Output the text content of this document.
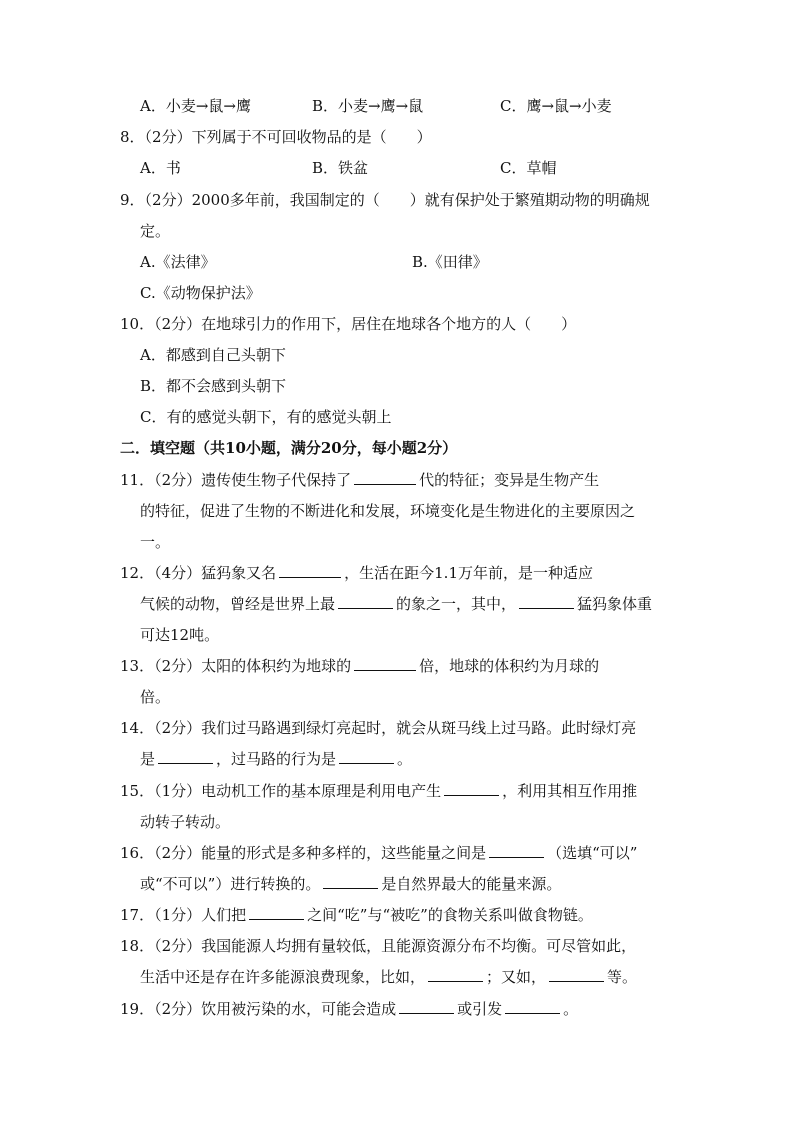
A．小麦→鼠→鹰	B．小麦→鹰→鼠	C．鹰→鼠→小麦
8．（2分）下列属于不可回收物品的是（　　）
A．书	B．铁盆	C．草帽
9．（2分）2000多年前，我国制定的（　　）就有保护处于繁殖期动物的明确规
定。
A.《法律》	B.《田律》
C.《动物保护法》
10．（2分）在地球引力的作用下，居住在地球各个地方的人（　　）
A．都感到自己头朝下
B．都不会感到头朝下
C．有的感觉头朝下，有的感觉头朝上
二．填空题（共10小题，满分20分，每小题2分）
11．（2分）遗传使生物子代保持了	代的特征；变异是生物产生
的特征，促进了生物的不断进化和发展，环境变化是生物进化的主要原因之
一。
12．（4分）猛犸象又名	，生活在距今1.1万年前，是一种适应
气候的动物，曾经是世界上最	的象之一，其中，	猛犸象体重
可达12吨。
13．（2分）太阳的体积约为地球的	倍，地球的体积约为月球的
倍。
14．（2分）我们过马路遇到绿灯亮起时，就会从斑马线上过马路。此时绿灯亮
是	，过马路的行为是	。
15．（1分）电动机工作的基本原理是利用电产生	，利用其相互作用推
动转子转动。
16．（2分）能量的形式是多种多样的，这些能量之间是	（选填“可以”
或“不可以”）进行转换的。	是自然界最大的能量来源。
17．（1分）人们把	之间“吃”与“被吃”的食物关系叫做食物链。
18．（2分）我国能源人均拥有量较低，且能源资源分布不均衡。可尽管如此，
生活中还是存在许多能源浪费现象，比如，	；又如，	等。
19．（2分）饮用被污染的水，可能会造成	或引发	。
